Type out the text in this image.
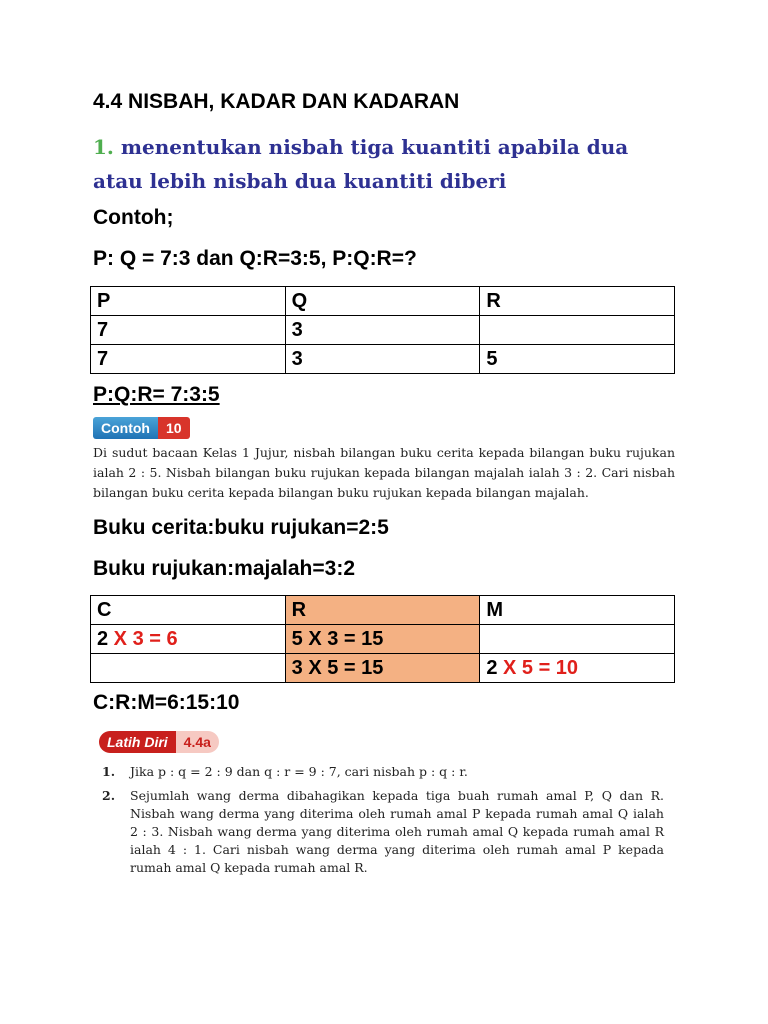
4.4 NISBAH, KADAR DAN KADARAN
1. menentukan nisbah tiga kuantiti apabila dua atau lebih nisbah dua kuantiti diberi
Contoh;
P: Q = 7:3 dan Q:R=3:5, P:Q:R=?
P	Q	R
7	3	
7	3	5
P:Q:R= 7:3:5
Contoh	10
Di sudut bacaan Kelas 1 Jujur, nisbah bilangan buku cerita kepada bilangan buku rujukan ialah 2 : 5. Nisbah bilangan buku rujukan kepada bilangan majalah ialah 3 : 2. Cari nisbah bilangan buku cerita kepada bilangan buku rujukan kepada bilangan majalah.
Buku cerita:buku rujukan=2:5
Buku rujukan:majalah=3:2
C	R	M
2 X 3 = 6	5 X 3 = 15	
	3 X 5 = 15	2 X 5 = 10
C:R:M=6:15:10
Latih Diri	4.4a
1. Jika p : q = 2 : 9 dan q : r = 9 : 7, cari nisbah p : q : r.
2. Sejumlah wang derma dibahagikan kepada tiga buah rumah amal P, Q dan R. Nisbah wang derma yang diterima oleh rumah amal P kepada rumah amal Q ialah 2 : 3. Nisbah wang derma yang diterima oleh rumah amal Q kepada rumah amal R ialah 4 : 1. Cari nisbah wang derma yang diterima oleh rumah amal P kepada rumah amal Q kepada rumah amal R.
